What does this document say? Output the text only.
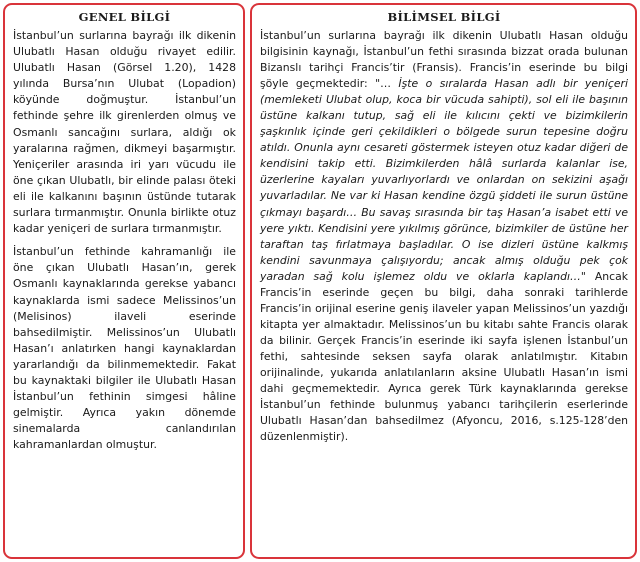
GENEL BİLGİ

İstanbul’un surlarına bayrağı ilk dikenin Ulubatlı Hasan olduğu rivayet edilir. Ulubatlı Hasan (Görsel 1.20), 1428 yılında Bursa’nın Ulubat (Lopadion) köyünde doğmuştur. İstanbul’un fethinde şehre ilk girenlerden olmuş ve Osmanlı sancağını surlara, aldığı ok yaralarına rağmen, dikmeyi başarmıştır. Yeniçeriler arasında iri yarı vücudu ile öne çıkan Ulubatlı, bir elinde palası öteki eli ile kalkanını başının üstünde tutarak surlara tırmanmıştır. Onunla birlikte otuz kadar yeniçeri de surlara tırmanmıştır.

İstanbul’un fethinde kahramanlığı ile öne çıkan Ulubatlı Hasan’ın, gerek Osmanlı kaynaklarında gerekse yabancı kaynaklarda ismi sadece Melissinos’un (Melisinos) ilaveli eserinde bahsedilmiştir. Melissinos’un Ulubatlı Hasan’ı anlatırken hangi kaynaklardan yararlandığı da bilinmemektedir. Fakat bu kaynaktaki bilgiler ile Ulubatlı Hasan İstanbul’un fethinin simgesi hâline gelmiştir. Ayrıca yakın dönemde sinemalarda canlandırılan kahramanlardan olmuştur.

BİLİMSEL BİLGİ

İstanbul’un surlarına bayrağı ilk dikenin Ulubatlı Hasan olduğu bilgisinin kaynağı, İstanbul’un fethi sırasında bizzat orada bulunan Bizanslı tarihçi Francis’tir (Fransis). Francis’in eserinde bu bilgi şöyle geçmektedir: "… İşte o sıralarda Hasan adlı bir yeniçeri (memleketi Ulubat olup, koca bir vücuda sahipti), sol eli ile başının üstüne kalkanı tutup, sağ eli ile kılıcını çekti ve bizimkilerin şaşkınlık içinde geri çekildikleri o bölgede surun tepesine doğru atıldı. Onunla aynı cesareti göstermek isteyen otuz kadar diğeri de kendisini takip etti. Bizimkilerden hâlâ surlarda kalanlar ise, üzerlerine kayaları yuvarlıyorlardı ve onlardan on sekizini aşağı yuvarladılar. Ne var ki Hasan kendine özgü şiddeti ile surun üstüne çıkmayı başardı… Bu savaş sırasında bir taş Hasan’a isabet etti ve yere yıktı. Kendisini yere yıkılmış görünce, bizimkiler de üstüne her taraftan taş fırlatmaya başladılar. O ise dizleri üstüne kalkmış kendini savunmaya çalışıyordu; ancak almış olduğu pek çok yaradan sağ kolu işlemez oldu ve oklarla kaplandı…" Ancak Francis’in eserinde geçen bu bilgi, daha sonraki tarihlerde Francis’in orijinal eserine geniş ilaveler yapan Melissinos’un yazdığı kitapta yer almaktadır. Melissinos’un bu kitabı sahte Francis olarak da bilinir. Gerçek Francis’in eserinde iki sayfa işlenen İstanbul’un fethi, sahtesinde seksen sayfa olarak anlatılmıştır. Kitabın orijinalinde, yukarıda anlatılanların aksine Ulubatlı Hasan’ın ismi dahi geçmemektedir. Ayrıca gerek Türk kaynaklarında gerekse İstanbul’un fethinde bulunmuş yabancı tarihçilerin eserlerinde Ulubatlı Hasan’dan bahsedilmez (Afyoncu, 2016, s.125-128’den düzenlenmiştir).
